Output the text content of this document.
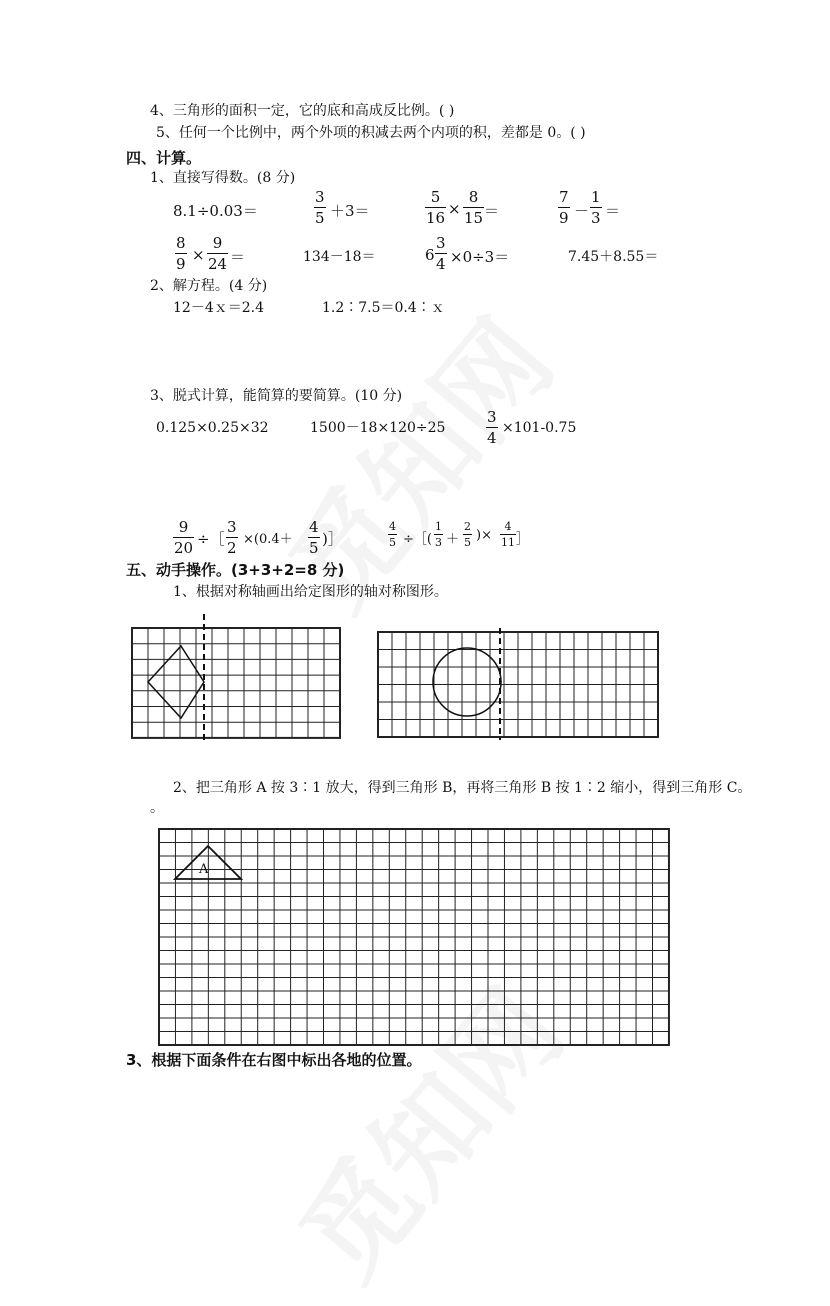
4、三角形的面积一定，它的底和高成反比例。( )
5、任何一个比例中，两个外项的积减去两个内项的积，差都是 0。( )
四、计算。
1、直接写得数。(8 分)
8.1÷0.03＝	$\frac{3}{5} +3=$	$\frac{5}{16} \times \frac{8}{15}$ ＝	$\frac{7}{9} - \frac{1}{3}$ ＝
$\frac{8}{9} \times \frac{9}{24}$ ＝	134－18＝	$6 \frac{3}{4} \times 0\div 3=$	7.45＋8.55＝
2、解方程。(4 分)
12－4ｘ＝2.4	1.2∶7.5＝0.4∶ｘ
3、脱式计算，能简算的要简算。(10 分)
0.125×0.25×32	1500－18×120÷25	$\frac{3}{4} \times 101-0.75$
$\frac{9}{20}$ ÷［ $\frac{3}{2} \times(0.4+ \frac{4}{5}$ )］	$\frac{4}{5}$ ÷［( $\frac{1}{3} + \frac{2}{5}$ )× $\frac{4}{11}$ ］
五、动手操作。(3+3+2=8 分)
1、根据对称轴画出给定图形的轴对称图形。
A
2、把三角形 A 按 3∶1 放大，得到三角形 B，再将三角形 B 按 1∶2 缩小，得到三角形 C。
。
3、根据下面条件在右图中标出各地的位置。
